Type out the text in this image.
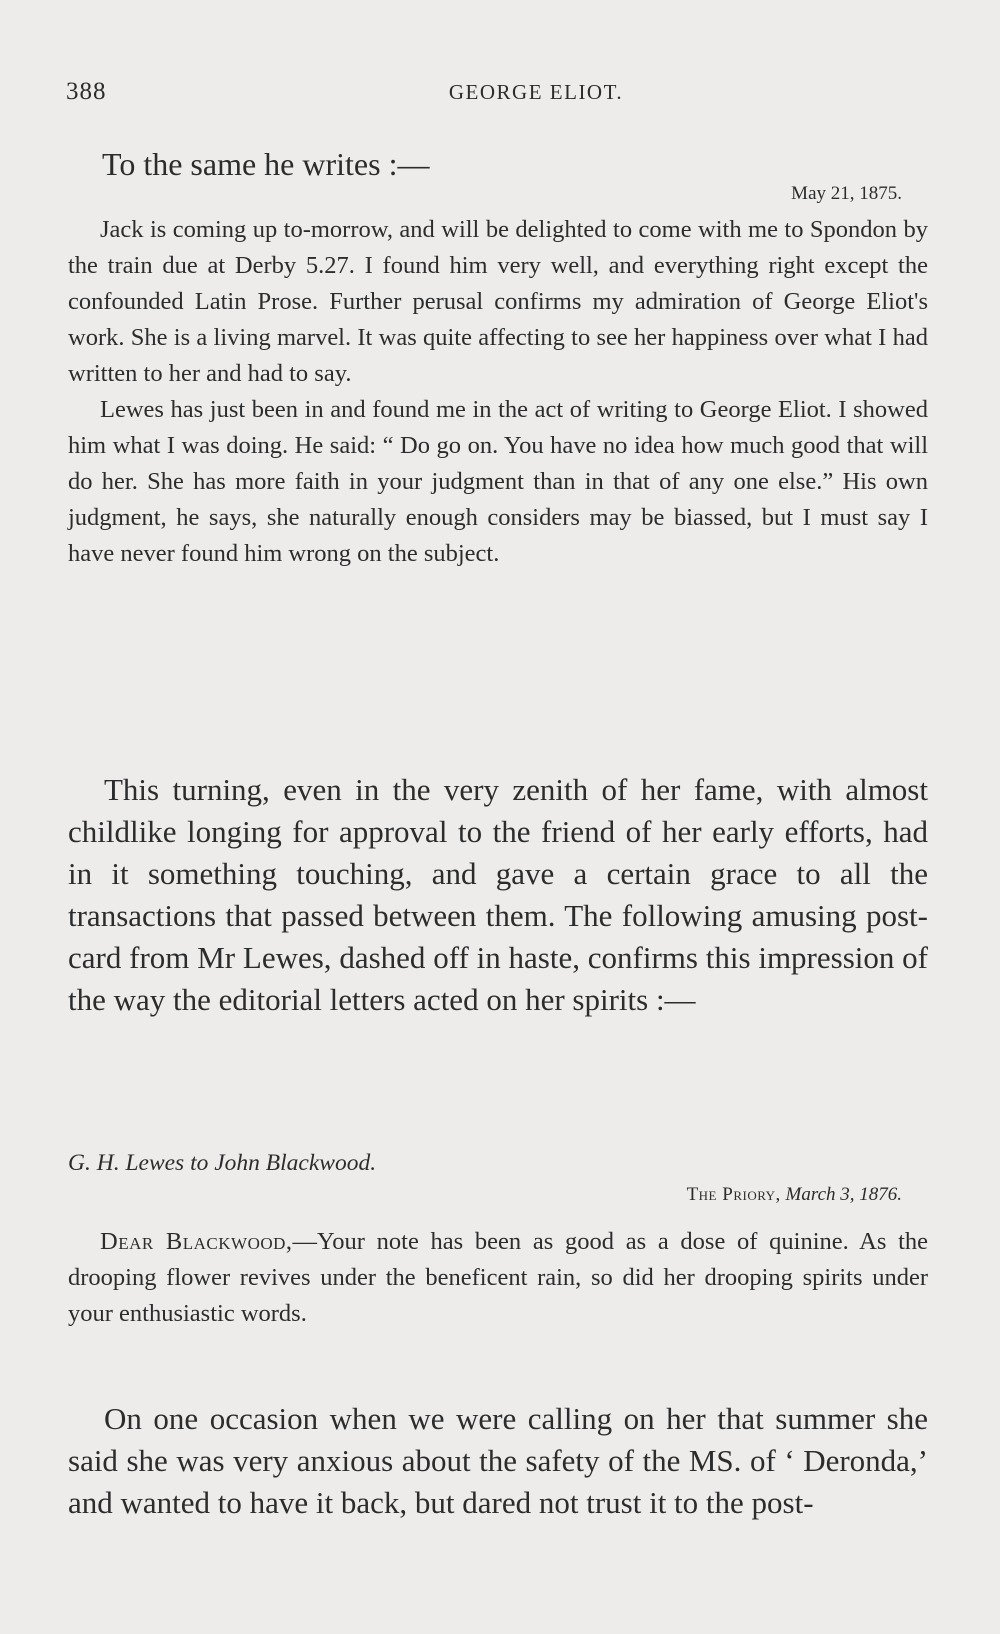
388	GEORGE ELIOT.
To the same he writes :—
May 21, 1875.

Jack is coming up to-morrow, and will be delighted to come with me to Spondon by the train due at Derby 5.27. I found him very well, and everything right except the confounded Latin Prose. Further perusal confirms my admiration of George Eliot's work. She is a living marvel. It was quite affecting to see her happiness over what I had written to her and had to say.

Lewes has just been in and found me in the act of writing to George Eliot. I showed him what I was doing. He said: “ Do go on. You have no idea how much good that will do her. She has more faith in your judgment than in that of any one else.” His own judgment, he says, she naturally enough considers may be biassed, but I must say I have never found him wrong on the subject.

This turning, even in the very zenith of her fame, with almost childlike longing for approval to the friend of her early efforts, had in it something touching, and gave a certain grace to all the transactions that passed between them. The following amusing post-card from Mr Lewes, dashed off in haste, confirms this impression of the way the editorial letters acted on her spirits :—

G. H. Lewes to John Blackwood.
The Priory, March 3, 1876.

Dear Blackwood,—Your note has been as good as a dose of quinine. As the drooping flower revives under the beneficent rain, so did her drooping spirits under your enthusiastic words.

On one occasion when we were calling on her that summer she said she was very anxious about the safety of the MS. of ‘ Deronda,’ and wanted to have it back, but dared not trust it to the post-
